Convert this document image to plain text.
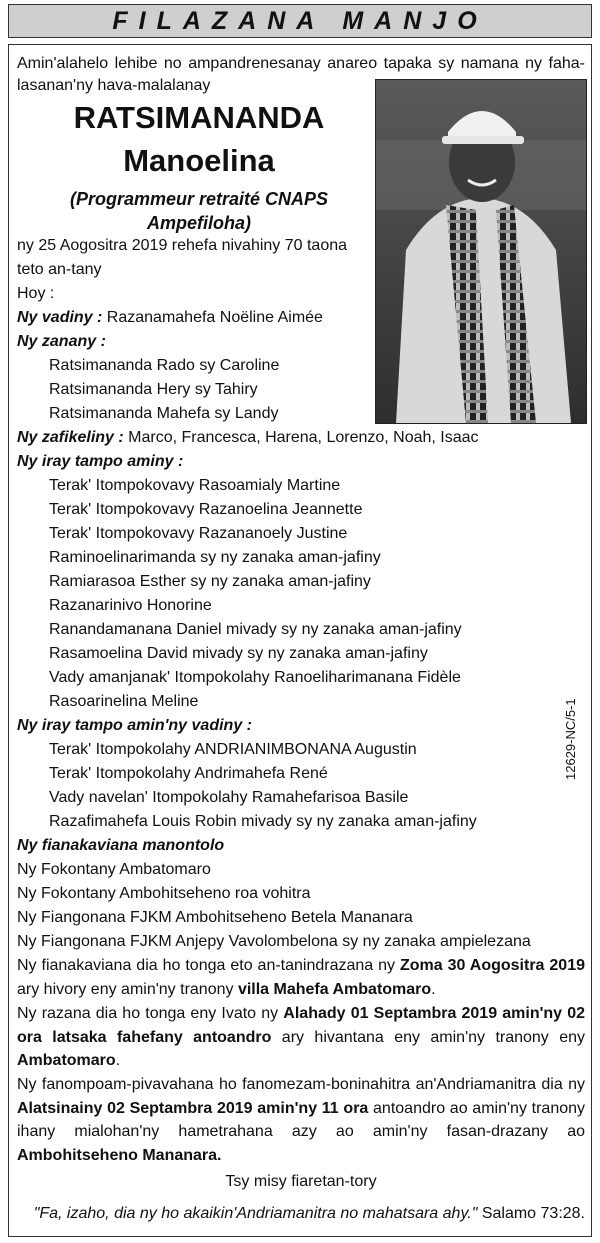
FILAZANA MANJO
Amin'alahelo lehibe no ampandrenesanay anareo tapaka sy namana ny faha-lasanan'ny hava-malalanay
RATSIMANANDA
Manoelina
(Programmeur retraité CNAPS
Ampefiloha)
ny 25 Aogositra 2019 rehefa nivahiny 70 taona
teto an-tany
Hoy :
Ny vadiny : Razanamahefa Noëline Aimée
Ny zanany :
Ratsimananda Rado sy Caroline
Ratsimananda Hery sy Tahiry
Ratsimananda Mahefa sy Landy
Ny zafikeliny : Marco, Francesca, Harena, Lorenzo, Noah, Isaac
Ny iray tampo aminy :
Terak' Itompokovavy Rasoamialy Martine
Terak' Itompokovavy Razanoelina Jeannette
Terak' Itompokovavy Razananoely Justine
Raminoelinarimanda sy ny zanaka aman-jafiny
Ramiarasoa Esther sy ny zanaka aman-jafiny
Razanarinivo Honorine
Ranandamanana Daniel mivady sy ny zanaka aman-jafiny
Rasamoelina David mivady sy ny zanaka aman-jafiny
Vady amanjanak' Itompokolahy Ranoeliharimanana Fidèle
Rasoarinelina Meline
Ny iray tampo amin'ny vadiny :
Terak' Itompokolahy ANDRIANIMBONANA Augustin
Terak' Itompokolahy Andrimahefa René
Vady navelan' Itompokolahy Ramahefarisoa Basile
Razafimahefa Louis Robin mivady sy ny zanaka aman-jafiny
Ny fianakaviana manontolo
Ny Fokontany Ambatomaro
Ny Fokontany Ambohitseheno roa vohitra
Ny Fiangonana FJKM Ambohitseheno Betela Mananara
Ny Fiangonana FJKM Anjepy Vavolombelona sy ny zanaka ampielezana
Ny fianakaviana dia ho tonga eto an-tanindrazana ny Zoma 30 Aogositra 2019 ary hivory eny amin'ny tranony villa Mahefa Ambatomaro.
Ny razana dia ho tonga eny Ivato ny Alahady 01 Septambra 2019 amin'ny 02 ora latsaka fahefany antoandro ary hivantana eny amin'ny tranony eny Ambatomaro.
Ny fanompoam-pivavahana ho fanomezam-boninahitra an'Andriamanitra dia ny Alatsinainy 02 Septambra 2019 amin'ny 11 ora antoandro ao amin'ny tranony ihany mialohan'ny hametrahana azy ao amin'ny fasan-drazany ao Ambohitseheno Mananara.
Tsy misy fiaretan-tory
"Fa, izaho, dia ny ho akaikin'Andriamanitra no mahatsara ahy." Salamo 73:28.
12629-NC/5-1
